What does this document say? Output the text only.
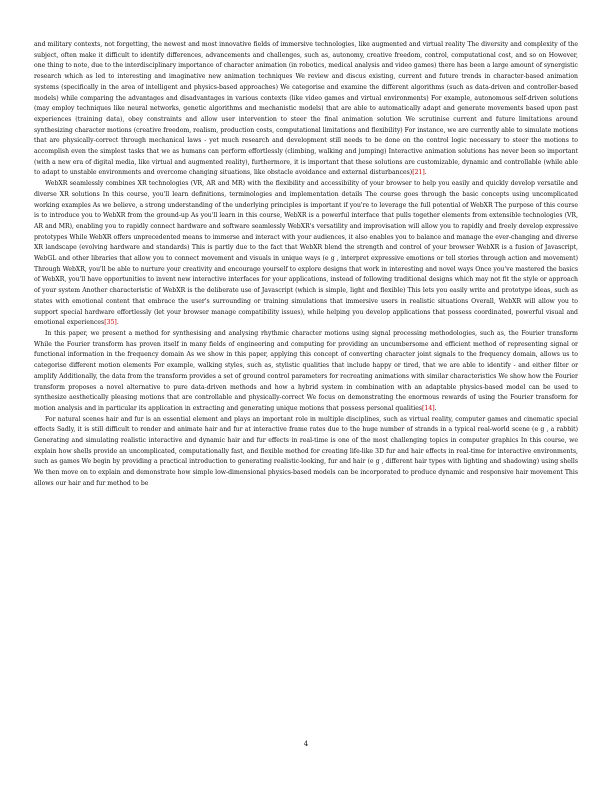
and military contexts, not forgetting, the newest and most innovative fields of immersive technologies, like augmented and virtual reality The diversity and complexity of the subject, often make it difficult to identify differences, advancements and challenges, such as, autonomy, creative freedom, control, computational cost, and so on However, one thing to note, due to the interdisciplinary importance of character animation (in robotics, medical analysis and video games) there has been a large amount of synergistic research which as led to interesting and imaginative new animation techniques We review and discus existing, current and future trends in character-based animation systems (specifically in the area of intelligent and physics-based approaches) We categorise and examine the different algorithms (such as data-driven and controller-based models) while comparing the advantages and disadvantages in various contexts (like video games and virtual environments) For example, autonomous self-driven solutions (may employ techniques like neural networks, genetic algorithms and mechanistic models) that are able to automatically adapt and generate movements based upon past experiences (training data), obey constraints and allow user intervention to steer the final animation solution We scrutinise current and future limitations around synthesizing character motions (creative freedom, realism, production costs, computational limitations and flexibility) For instance, we are currently able to simulate motions that are physically-correct through mechanical laws - yet much research and development still needs to be done on the control logic necessary to steer the motions to accomplish even the simplest tasks that we as humans can perform effortlessly (climbing, walking and jumping) Interactive animation solutions has never been so important (with a new era of digital media, like virtual and augmented reality), furthermore, it is important that these solutions are customizable, dynamic and controllable (while able to adapt to unstable environments and overcome changing situations, like obstacle avoidance and external disturbances)[21].

WebXR seamlessly combines XR technologies (VR, AR and MR) with the flexibility and accessibility of your browser to help you easily and quickly develop versatile and diverse XR solutions In this course, you'll learn definitions, terminologies and implementation details The course goes through the basic concepts using uncomplicated working examples As we believe, a strong understanding of the underlying principles is important if you're to leverage the full potential of WebXR The purpose of this course is to introduce you to WebXR from the ground-up As you'll learn in this course, WebXR is a powerful interface that pulls together elements from extensible technologies (VR, AR and MR), enabling you to rapidly connect hardware and software seamlessly WebXR's versatility and improvisation will allow you to rapidly and freely develop expressive prototypes While WebXR offers unprecedented means to immerse and interact with your audiences, it also enables you to balance and manage the ever-changing and diverse XR landscape (evolving hardware and standards) This is partly due to the fact that WebXR blend the strength and control of your browser WebXR is a fusion of Javascript, WebGL and other libraries that allow you to connect movement and visuals in unique ways (e g , interpret expressive emotions or tell stories through action and movement) Through WebXR, you'll be able to nurture your creativity and encourage yourself to explore designs that work in interesting and novel ways Once you've mastered the basics of WebXR, you'll have opportunities to invent new interactive interfaces for your applications, instead of following traditional designs which may not fit the style or approach of your system Another characteristic of WebXR is the deliberate use of Javascript (which is simple, light and flexible) This lets you easily write and prototype ideas, such as states with emotional content that embrace the user's surrounding or training simulations that immersive users in realistic situations Overall, WebXR will allow you to support special hardware effortlessly (let your browser manage compatibility issues), while helping you develop applications that possess coordinated, powerful visual and emotional experiences[35].

In this paper, we present a method for synthesising and analysing rhythmic character motions using signal processing methodologies, such as, the Fourier transform While the Fourier transform has proven itself in many fields of engineering and computing for providing an uncumbersome and efficient method of representing signal or functional information in the frequency domain As we show in this paper, applying this concept of converting character joint signals to the frequency domain, allows us to categorise different motion elements For example, walking styles, such as, stylistic qualities that include happy or tired, that we are able to identify - and either filter or amplify Additionally, the data from the transform provides a set of ground control parameters for recreating animations with similar characteristics We show how the Fourier transform proposes a novel alternative to pure data-driven methods and how a hybrid system in combination with an adaptable physics-based model can be used to synthesize aesthetically pleasing motions that are controllable and physically-correct We focus on demonstrating the enormous rewards of using the Fourier transform for motion analysis and in particular its application in extracting and generating unique motions that possess personal qualities[14].

For natural scenes hair and fur is an essential element and plays an important role in multiple disciplines, such as virtual reality, computer games and cinematic special effects Sadly, it is still difficult to render and animate hair and fur at interactive frame rates due to the huge number of strands in a typical real-world scene (e g , a rabbit) Generating and simulating realistic interactive and dynamic hair and fur effects in real-time is one of the most challenging topics in computer graphics In this course, we explain how shells provide an uncomplicated, computationally fast, and flexible method for creating life-like 3D fur and hair effects in real-time for interactive environments, such as games We begin by providing a practical introduction to generating realistic-looking, fur and hair (e g , different hair types with lighting and shadowing) using shells We then move on to explain and demonstrate how simple low-dimensional physics-based models can be incorporated to produce dynamic and responsive hair movement This allows our hair and fur method to be

4
